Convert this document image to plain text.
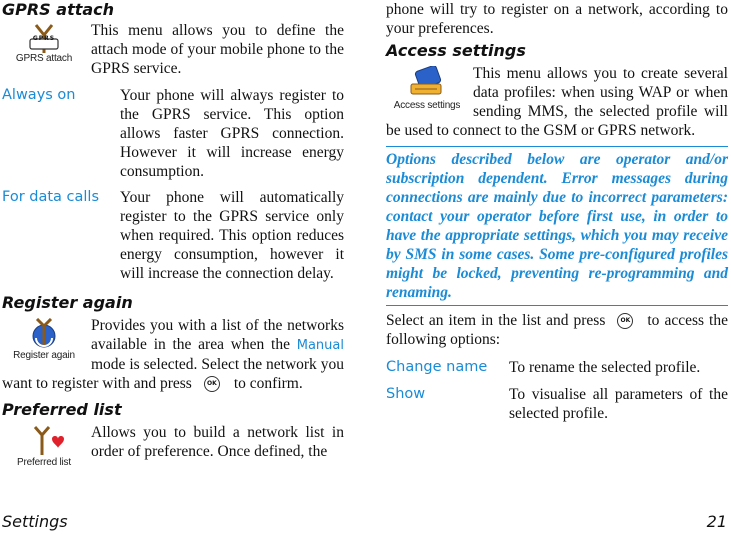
GPRS attach
GPRS
GPRS attach

This menu allows you to define the attach mode of your mobile phone to the GPRS service.

Always on	Your phone will always register to the GPRS service. This option allows faster GPRS connection. However it will increase energy consumption.
For data calls	Your phone will automatically register to the GPRS service only when required. This option reduces energy consumption, however it will increase the connection delay.
Register again
Register again

Provides you with a list of the networks available in the area when the Manual mode is selected. Select the network you want to register with and press	OK to confirm.

Preferred list
Preferred list

Allows you to build a network list in order of preference. Once defined, the

phone will try to register on a network, according to your preferences.

Access settings
Access settings

This menu allows you to create several data profiles: when using WAP or when sending MMS, the selected profile will be used to connect to the GSM or GPRS network.

Options described below are operator and/or subscription dependent. Error messages during connections are mainly due to incorrect parameters: contact your operator before first use, in order to have the appropriate settings, which you may receive by SMS in some cases. Some pre-configured profiles might be locked, preventing re-programming and renaming.

Select an item in the list and press	OK to access the following options:

Change name	To rename the selected profile.
Show	To visualise all parameters of the selected profile.
Settings	21
